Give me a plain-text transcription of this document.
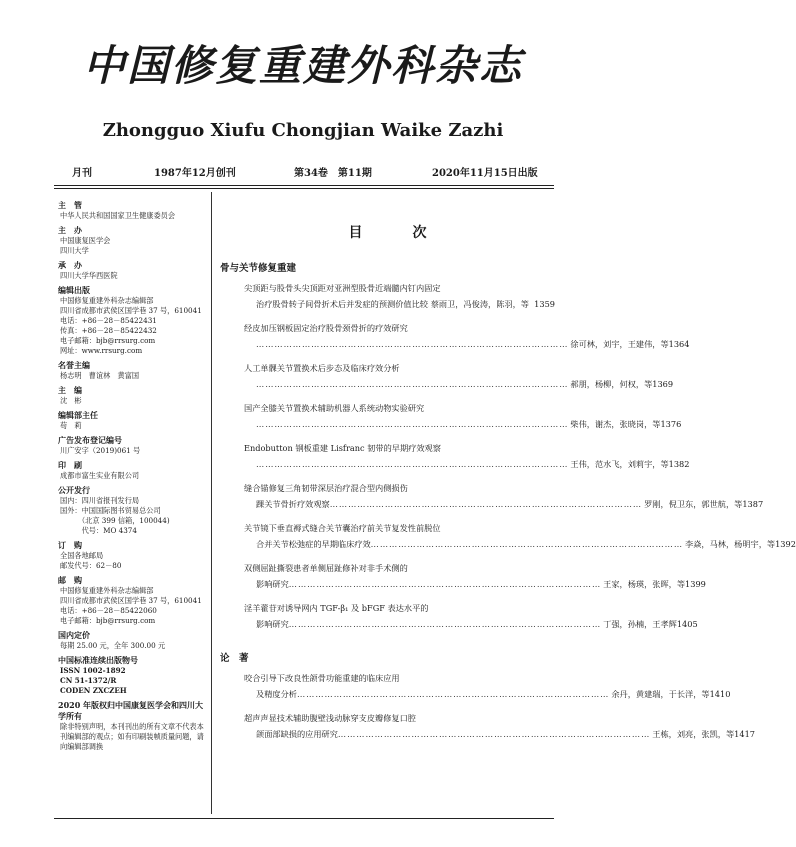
中国修复重建外科杂志
Zhongguo Xiufu Chongjian Waike Zazhi
月刊	1987年12月创刊	第34卷　第11期	2020年11月15日出版
主　管
中华人民共和国国家卫生健康委员会
主　办
中国康复医学会
四川大学
承　办
四川大学华西医院
编辑出版
中国修复重建外科杂志编辑部
四川省成都市武侯区国学巷 37 号，610041
电话：+86－28－85422431
传真：+86－28－85422432
电子邮箱：bjb@rrsurg.com
网址：www.rrsurg.com
名誉主编
杨志明　曹谊林　黄富国
主　编
沈　彬
编辑部主任
苟　莉
广告发布登记编号
川广安字（2019)061 号
印　刷
成都市富生实业有限公司
公开发行
国内：四川省报刊发行局
国外：中国国际图书贸易总公司
　　　（北京 399 信箱，100044)
　　　代号：MO 4374
订　购
全国各地邮局
邮发代号：62－80
邮　购
中国修复重建外科杂志编辑部
四川省成都市武侯区国学巷 37 号，610041
电话：+86－28－85422060
电子邮箱：bjb@rrsurg.com
国内定价
每期 25.00 元，全年 300.00 元
中国标准连续出版物号
ISSN 1002-1892
CN 51-1372/R
CODEN ZXCZEH
2020 年版权归中国康复医学会和四川大学所有
除非特别声明，本刊刊出的所有文章不代表本刊编辑部的观点；如有印刷装帧质量问题，请向编辑部调换
目　次
骨与关节修复重建
尖顶距与股骨头尖顶距对亚洲型股骨近端髓内钉内固定
治疗股骨转子间骨折术后并发症的预测价值比较 蔡雨卫，冯俊涛，陈羽，等 1359
经皮加压钢板固定治疗股骨颈骨折的疗效研究
………………………………………………………………………………………… 徐可林，刘宇，王建伟，等 1364
人工单髁关节置换术后步态及临床疗效分析
………………………………………………………………………………………… 郝朋，杨柳，何权，等 1369
国产全膝关节置换术辅助机器人系统动物实验研究
………………………………………………………………………………………… 柴伟，谢杰，张晓岗，等 1376
Endobutton 钢板重建 Lisfranc 韧带的早期疗效观察
………………………………………………………………………………………… 王伟，范水飞，刘莉宇，等 1382
缝合锚修复三角韧带深层治疗混合型内侧损伤
踝关节骨折疗效观察 ………………………………………………………………………………………… 罗刚，倪卫东，郭世航，等 1387
关节镜下垂直褥式缝合关节囊治疗前关节复发性前脱位
合并关节松弛症的早期临床疗效 ………………………………………………………………………………………… 李焱，马林，杨明宇，等 1392
双侧屈趾撕裂患者单侧屈趾修补对非手术侧的
影响研究 ………………………………………………………………………………………… 王家，杨瑛，张晖，等 1399
淫羊藿苷对诱导网内 TGF-β₁ 及 bFGF 表达水平的
影响研究 ………………………………………………………………………………………… 丁强，孙楠，王孝辉 1405
论　著
咬合引导下改良性颌骨功能重建的临床应用
及精度分析 ………………………………………………………………………………………… 余丹，黄建瑞，于长洋，等 1410
超声声显技术辅助腹壁浅动脉穿支皮瓣修复口腔
颌面部缺损的应用研究 ………………………………………………………………………………………… 王栋，刘亮，张凯，等 1417
